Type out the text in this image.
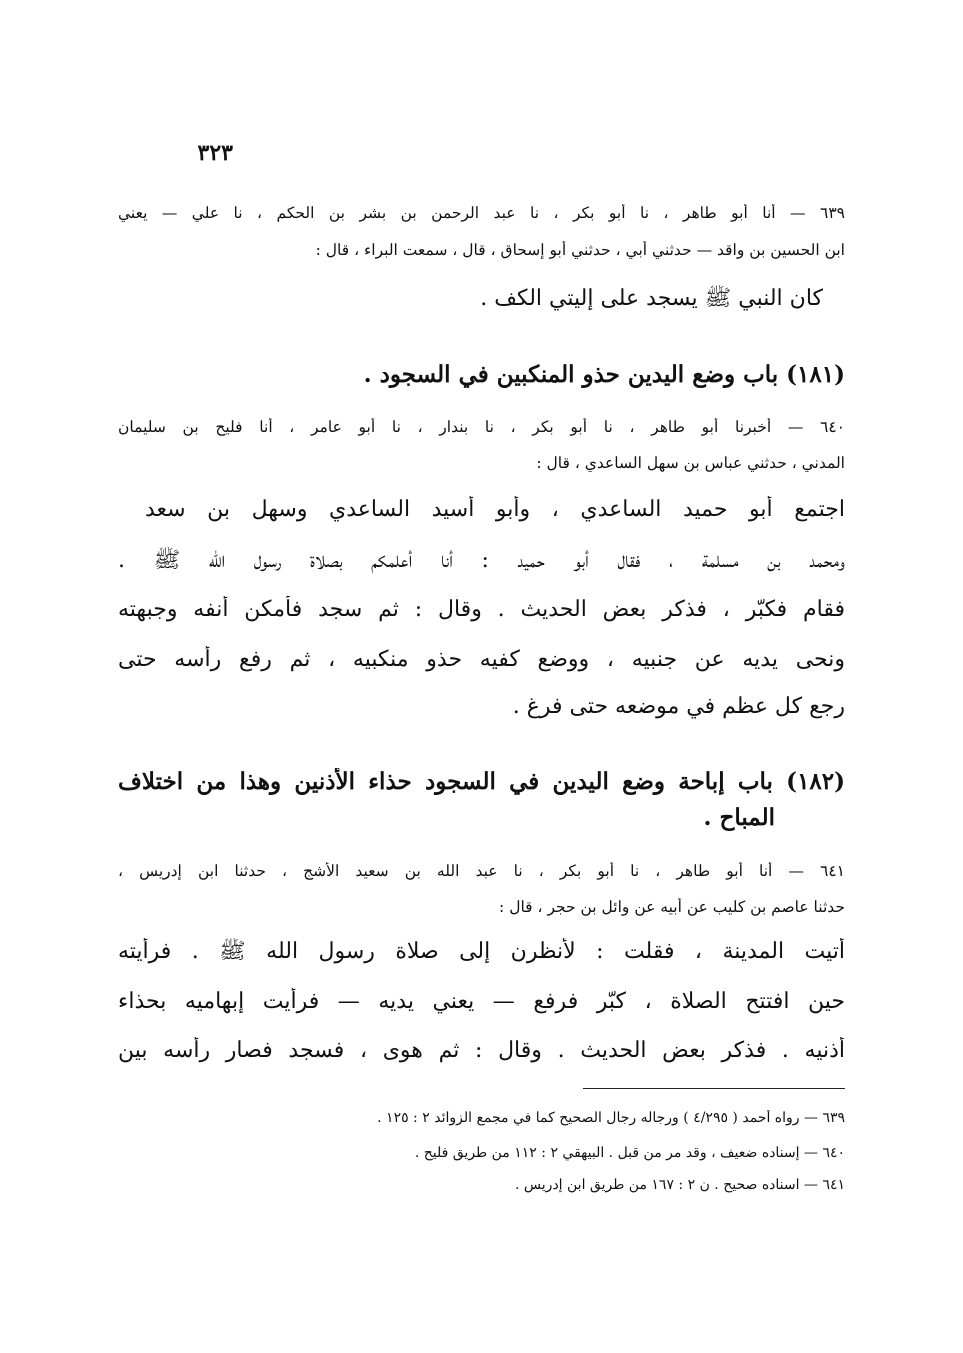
٣٢٣
٦٣٩ — أنا أبو طاهر ، نا أبو بكر ، نا عبد الرحمن بن بشر بن الحكم ، نا علي — يعني
ابن الحسين بن واقد — حدثني أبي ، حدثني أبو إسحاق ، قال ، سمعت البراء ، قال :
كان النبي ﷺ يسجد على إليتي الكف .
(١٨١) باب وضع اليدين حذو المنكبين في السجود .
٦٤٠ — أخبرنا أبو طاهر ، نا أبو بكر ، نا بندار ، نا أبو عامر ، أنا فليح بن سليمان
المدني ، حدثني عباس بن سهل الساعدي ، قال :
اجتمع أبو حميد الساعدي ، وأبو أسيد الساعدي وسهل بن سعد
ومحمد بن مسلمة ، فقال أبو حميد : أنا أعلمكم بصلاة رسول الله ﷺ .
فقام فكبّر ، فذكر بعض الحديث . وقال : ثم سجد فأمكن أنفه وجبهته
ونحى يديه عن جنبيه ، ووضع كفيه حذو منكبيه ، ثم رفع رأسه حتى
رجع كل عظم في موضعه حتى فرغ .
(١٨٢) باب إباحة وضع اليدين في السجود حذاء الأذنين وهذا من اختلاف
المباح .
٦٤١ — أنا أبو طاهر ، نا أبو بكر ، نا عبد الله بن سعيد الأشج ، حدثنا ابن إدريس ،
حدثنا عاصم بن كليب عن أبيه عن وائل بن حجر ، قال :
أتيت المدينة ، فقلت : لأنظرن إلى صلاة رسول الله ﷺ . فرأيته
حين افتتح الصلاة ، كبّر فرفع — يعني يديه — فرأيت إبهاميه بحذاء
أذنيه . فذكر بعض الحديث . وقال : ثم هوى ، فسجد فصار رأسه بين
٦٣٩ — رواه أحمد ( ٤/٢٩٥ ) ورجاله رجال الصحيح كما في مجمع الزوائد ٢ : ١٢٥ .
٦٤٠ — إسناده ضعيف ، وقد مر من قبل . البيهقي ٢ : ١١٢ من طريق فليح .
٦٤١ — اسناده صحيح . ن ٢ : ١٦٧ من طريق ابن إدريس .
